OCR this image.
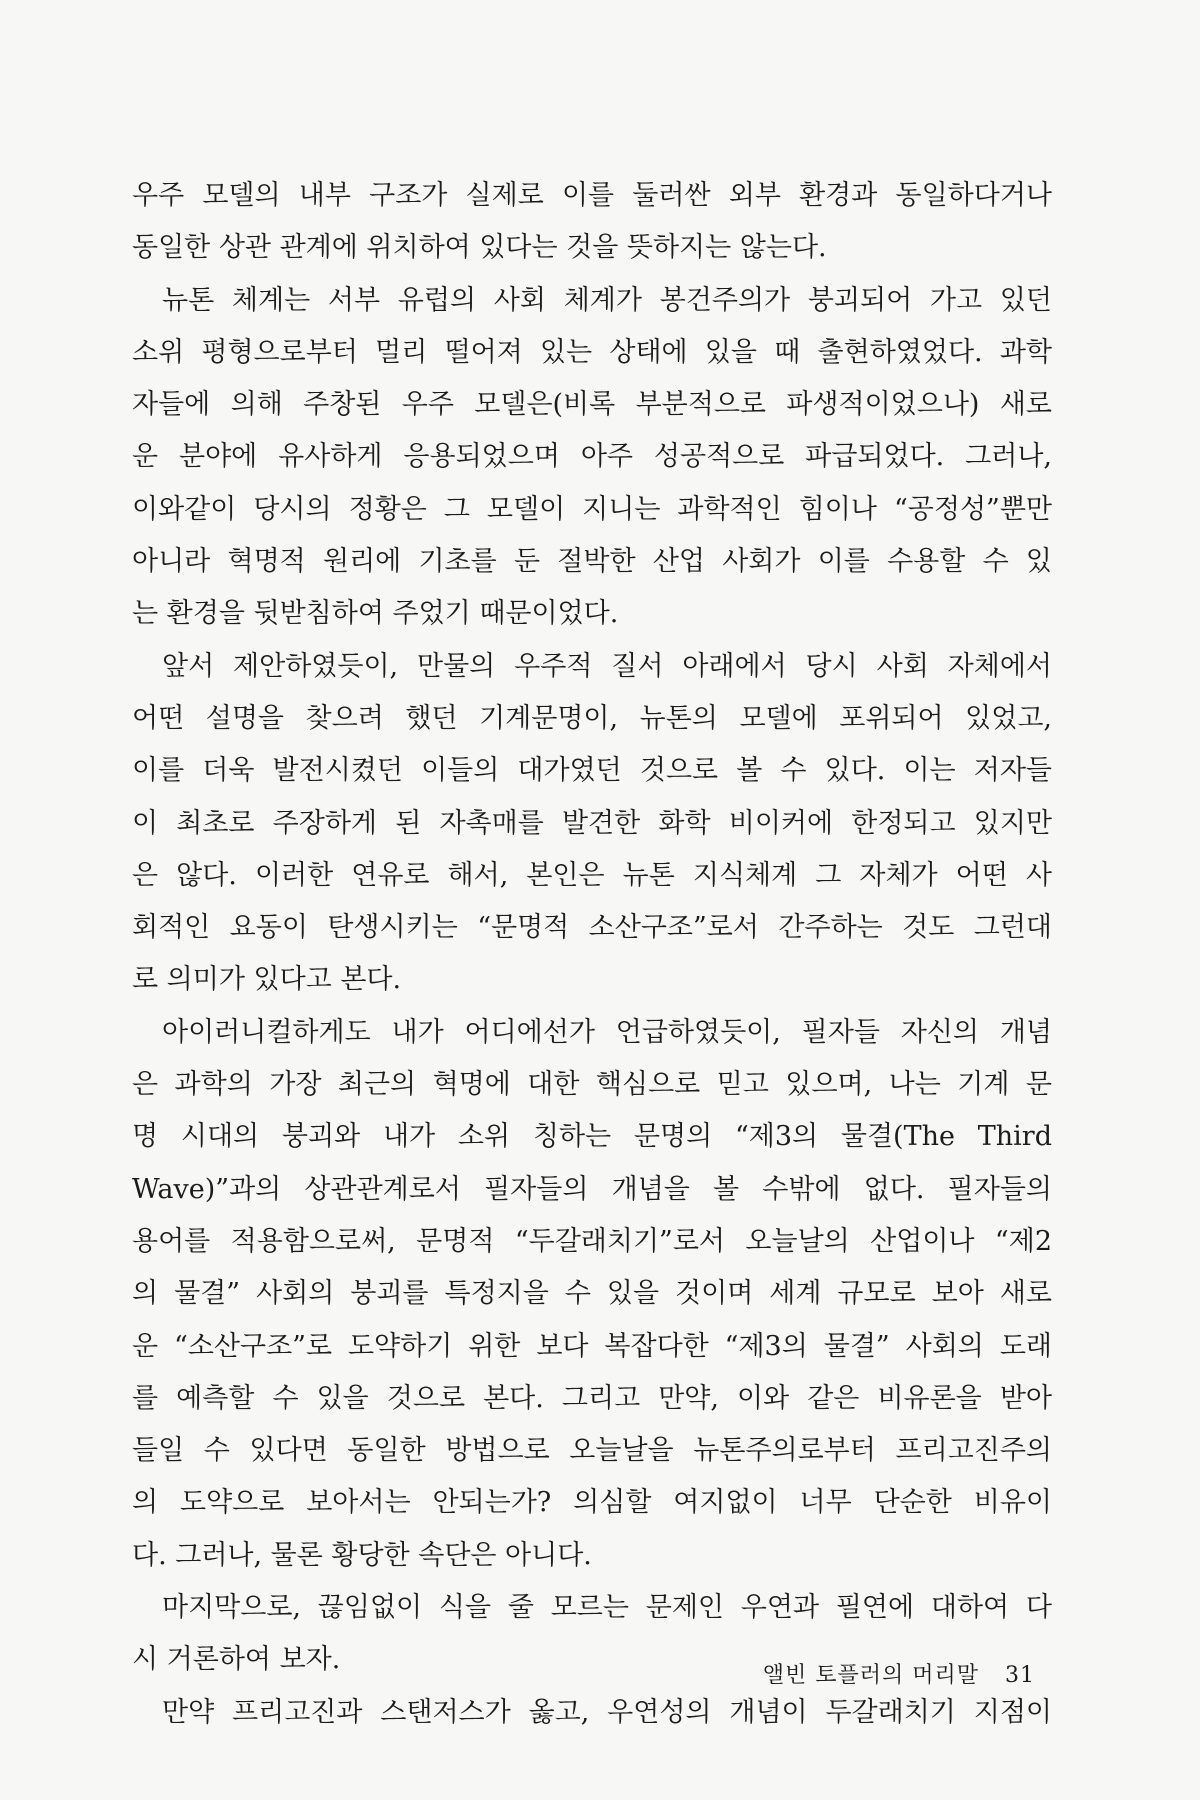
우주 모델의 내부 구조가 실제로 이를 둘러싼 외부 환경과 동일하다거나
동일한 상관 관계에 위치하여 있다는 것을 뜻하지는 않는다.
뉴톤 체계는 서부 유럽의 사회 체계가 봉건주의가 붕괴되어 가고 있던
소위 평형으로부터 멀리 떨어져 있는 상태에 있을 때 출현하였었다. 과학
자들에 의해 주창된 우주 모델은(비록 부분적으로 파생적이었으나) 새로
운 분야에 유사하게 응용되었으며 아주 성공적으로 파급되었다. 그러나,
이와같이 당시의 정황은 그 모델이 지니는 과학적인 힘이나 “공정성”뿐만
아니라 혁명적 원리에 기초를 둔 절박한 산업 사회가 이를 수용할 수 있
는 환경을 뒷받침하여 주었기 때문이었다.
앞서 제안하였듯이, 만물의 우주적 질서 아래에서 당시 사회 자체에서
어떤 설명을 찾으려 했던 기계문명이, 뉴톤의 모델에 포위되어 있었고,
이를 더욱 발전시켰던 이들의 대가였던 것으로 볼 수 있다. 이는 저자들
이 최초로 주장하게 된 자촉매를 발견한 화학 비이커에 한정되고 있지만
은 않다. 이러한 연유로 해서, 본인은 뉴톤 지식체계 그 자체가 어떤 사
회적인 요동이 탄생시키는 “문명적 소산구조”로서 간주하는 것도 그런대
로 의미가 있다고 본다.
아이러니컬하게도 내가 어디에선가 언급하였듯이, 필자들 자신의 개념
은 과학의 가장 최근의 혁명에 대한 핵심으로 믿고 있으며, 나는 기계 문
명 시대의 붕괴와 내가 소위 칭하는 문명의 “제3의 물결(The Third
Wave)”과의 상관관계로서 필자들의 개념을 볼 수밖에 없다. 필자들의
용어를 적용함으로써, 문명적 “두갈래치기”로서 오늘날의 산업이나 “제2
의 물결” 사회의 붕괴를 특정지을 수 있을 것이며 세계 규모로 보아 새로
운 “소산구조”로 도약하기 위한 보다 복잡다한 “제3의 물결” 사회의 도래
를 예측할 수 있을 것으로 본다. 그리고 만약, 이와 같은 비유론을 받아
들일 수 있다면 동일한 방법으로 오늘날을 뉴톤주의로부터 프리고진주의
의 도약으로 보아서는 안되는가? 의심할 여지없이 너무 단순한 비유이
다. 그러나, 물론 황당한 속단은 아니다.
마지막으로, 끊임없이 식을 줄 모르는 문제인 우연과 필연에 대하여 다
시 거론하여 보자.
만약 프리고진과 스탠저스가 옳고, 우연성의 개념이 두갈래치기 지점이
앨빈 토플러의 머리말 31
